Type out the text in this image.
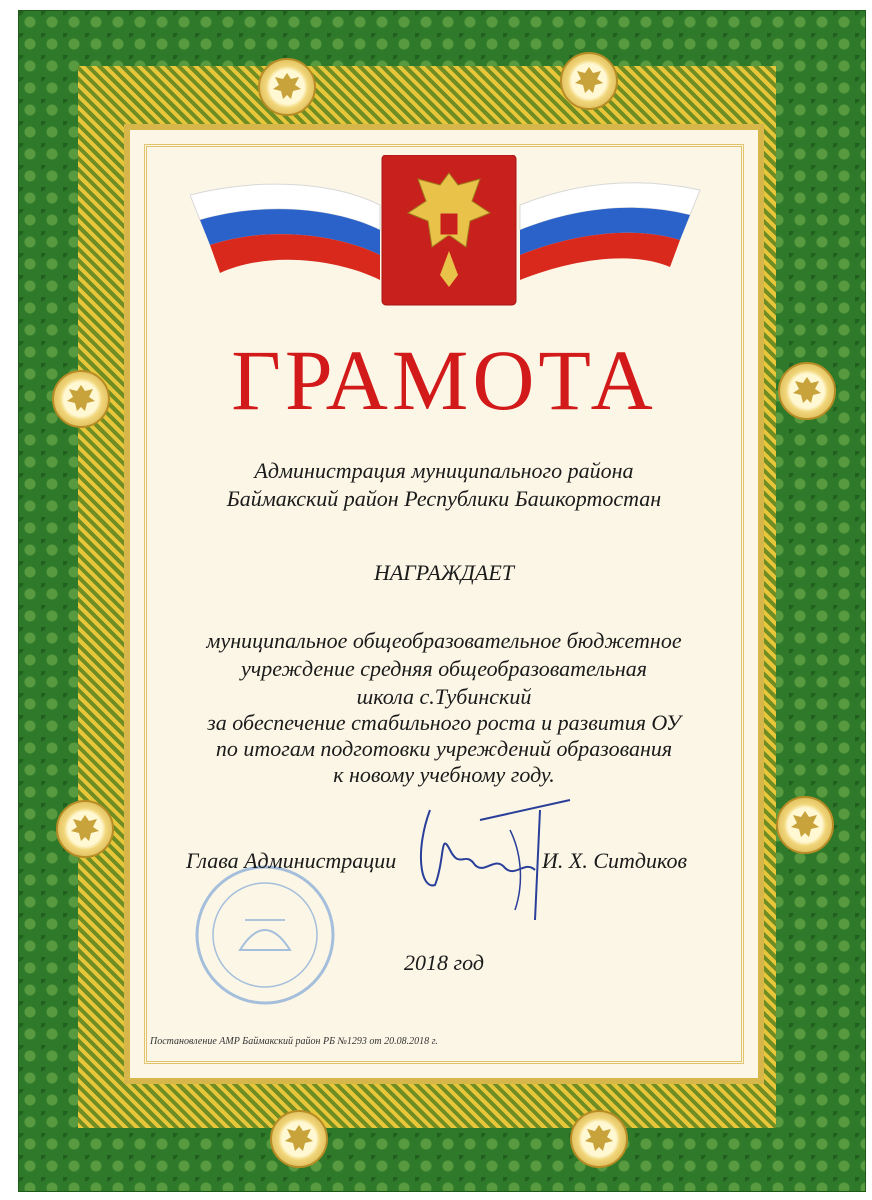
ГРАМОТА

Администрация муниципального района

Баймакский район Республики Башкортостан

НАГРАЖДАЕТ

муниципальное общеобразовательное бюджетное

учреждение средняя общеобразовательная

школа с.Тубинский

за обеспечение стабильного роста и развития ОУ

по итогам подготовки учреждений образования

к новому учебному году.

Глава Администрации	И. Х. Ситдиков

2018 год

Постановление АМР Баймакский район РБ №1293 от 20.08.2018 г.
